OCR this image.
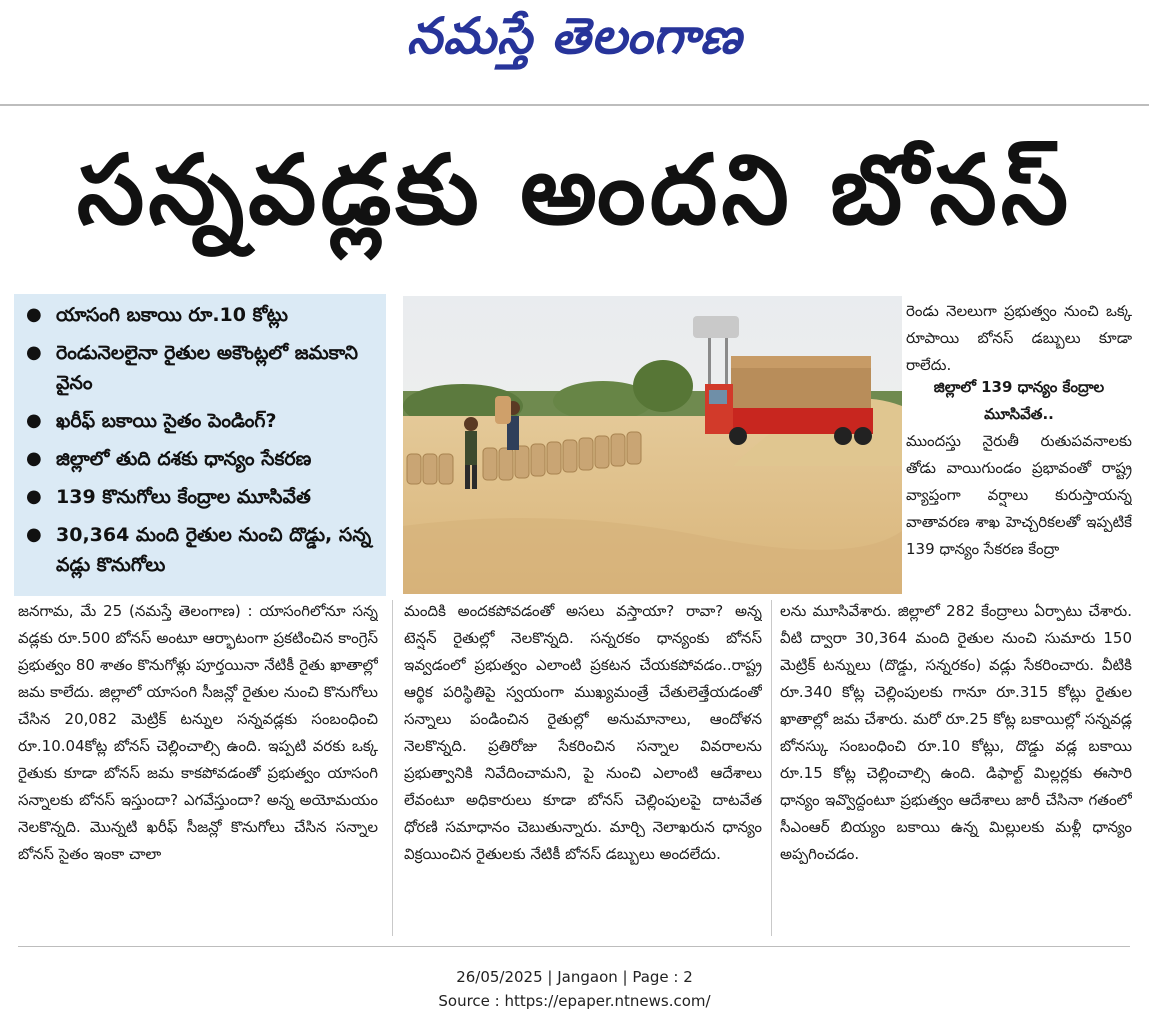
నమస్తే తెలంగాణ
సన్నవడ్లకు అందని బోనస్
● యాసంగి బకాయి రూ.10 కోట్లు
● రెండునెలలైనా రైతుల అకౌంట్లలో జమకాని వైనం
● ఖరీఫ్ బకాయి సైతం పెండింగ్?
● జిల్లాలో తుది దశకు ధాన్యం సేకరణ
● 139 కొనుగోలు కేంద్రాల మూసివేత
● 30,364 మంది రైతుల నుంచి దొడ్డు, సన్న వడ్లు కొనుగోలు

జనగామ, మే 25 (నమస్తే తెలంగాణ) : యాసంగిలోనూ సన్న వడ్లకు రూ.500 బోనస్ అంటూ ఆర్భాటంగా ప్రకటించిన కాంగ్రెస్ ప్రభుత్వం 80 శాతం కొనుగోళ్లు పూర్తయినా నేటికీ రైతు ఖాతాల్లో జమ కాలేదు. జిల్లాలో యాసంగి సీజన్లో రైతుల నుంచి కొనుగోలు చేసిన 20,082 మెట్రిక్ టన్నుల సన్నవడ్లకు సంబంధించి రూ.10.04కోట్ల బోనస్ చెల్లించాల్సి ఉంది. ఇప్పటి వరకు ఒక్క రైతుకు కూడా బోనస్ జమ కాకపోవడంతో ప్రభుత్వం యాసంగి సన్నాలకు బోనస్ ఇస్తుందా? ఎగవేస్తుందా? అన్న అయోమయం నెలకొన్నది. మొన్నటి ఖరీఫ్ సీజన్లో కొనుగోలు చేసిన సన్నాల బోనస్ సైతం ఇంకా చాలా

మందికి అందకపోవడంతో అసలు వస్తాయా? రావా? అన్న టెన్షన్ రైతుల్లో నెలకొన్నది. సన్నరకం ధాన్యంకు బోనస్ ఇవ్వడంలో ప్రభుత్వం ఎలాంటి ప్రకటన చేయకపోవడం..రాష్ట్ర ఆర్థిక పరిస్థితిపై స్వయంగా ముఖ్యమంత్రే చేతులెత్తేయడంతో సన్నాలు పండించిన రైతుల్లో అనుమానాలు, ఆందోళన నెలకొన్నది. ప్రతిరోజు సేకరించిన సన్నాల వివరాలను ప్రభుత్వానికి నివేదించామని, పై నుంచి ఎలాంటి ఆదేశాలు లేవంటూ అధికారులు కూడా బోనస్ చెల్లింపులపై దాటవేత ధోరణి సమాధానం చెబుతున్నారు. మార్చి నెలాఖరున ధాన్యం విక్రయించిన రైతులకు నేటికీ బోనస్ డబ్బులు అందలేదు.

రెండు నెలలుగా ప్రభుత్వం నుంచి ఒక్క రూపాయి బోనస్ డబ్బులు కూడా రాలేదు.

జిల్లాలో 139 ధాన్యం కేంద్రాల మూసివేత..

ముందస్తు నైరుతీ రుతుపవనాలకు తోడు వాయిగుండం ప్రభావంతో రాష్ట్ర వ్యాప్తంగా వర్షాలు కురుస్తాయన్న వాతావరణ శాఖ హెచ్చరికలతో ఇప్పటికే 139 ధాన్యం సేకరణ కేంద్రా

లను మూసివేశారు. జిల్లాలో 282 కేంద్రాలు ఏర్పాటు చేశారు. వీటి ద్వారా 30,364 మంది రైతుల నుంచి సుమారు 150 మెట్రిక్ టన్నులు (దొడ్డు, సన్నరకం) వడ్లు సేకరించారు. వీటికి రూ.340 కోట్ల చెల్లింపులకు గానూ రూ.315 కోట్లు రైతుల ఖాతాల్లో జమ చేశారు. మరో రూ.25 కోట్ల బకాయిల్లో సన్నవడ్ల బోనస్కు సంబంధించి రూ.10 కోట్లు, దొడ్డు వడ్ల బకాయి రూ.15 కోట్ల చెల్లించాల్సి ఉంది. డిఫాల్ట్ మిల్లర్లకు ఈసారి ధాన్యం ఇవ్వొద్దంటూ ప్రభుత్వం ఆదేశాలు జారీ చేసినా గతంలో సీఎంఆర్ బియ్యం బకాయి ఉన్న మిల్లులకు మళ్లీ ధాన్యం అప్పగించడం.

26/05/2025 | Jangaon | Page : 2
Source : https://epaper.ntnews.com/
